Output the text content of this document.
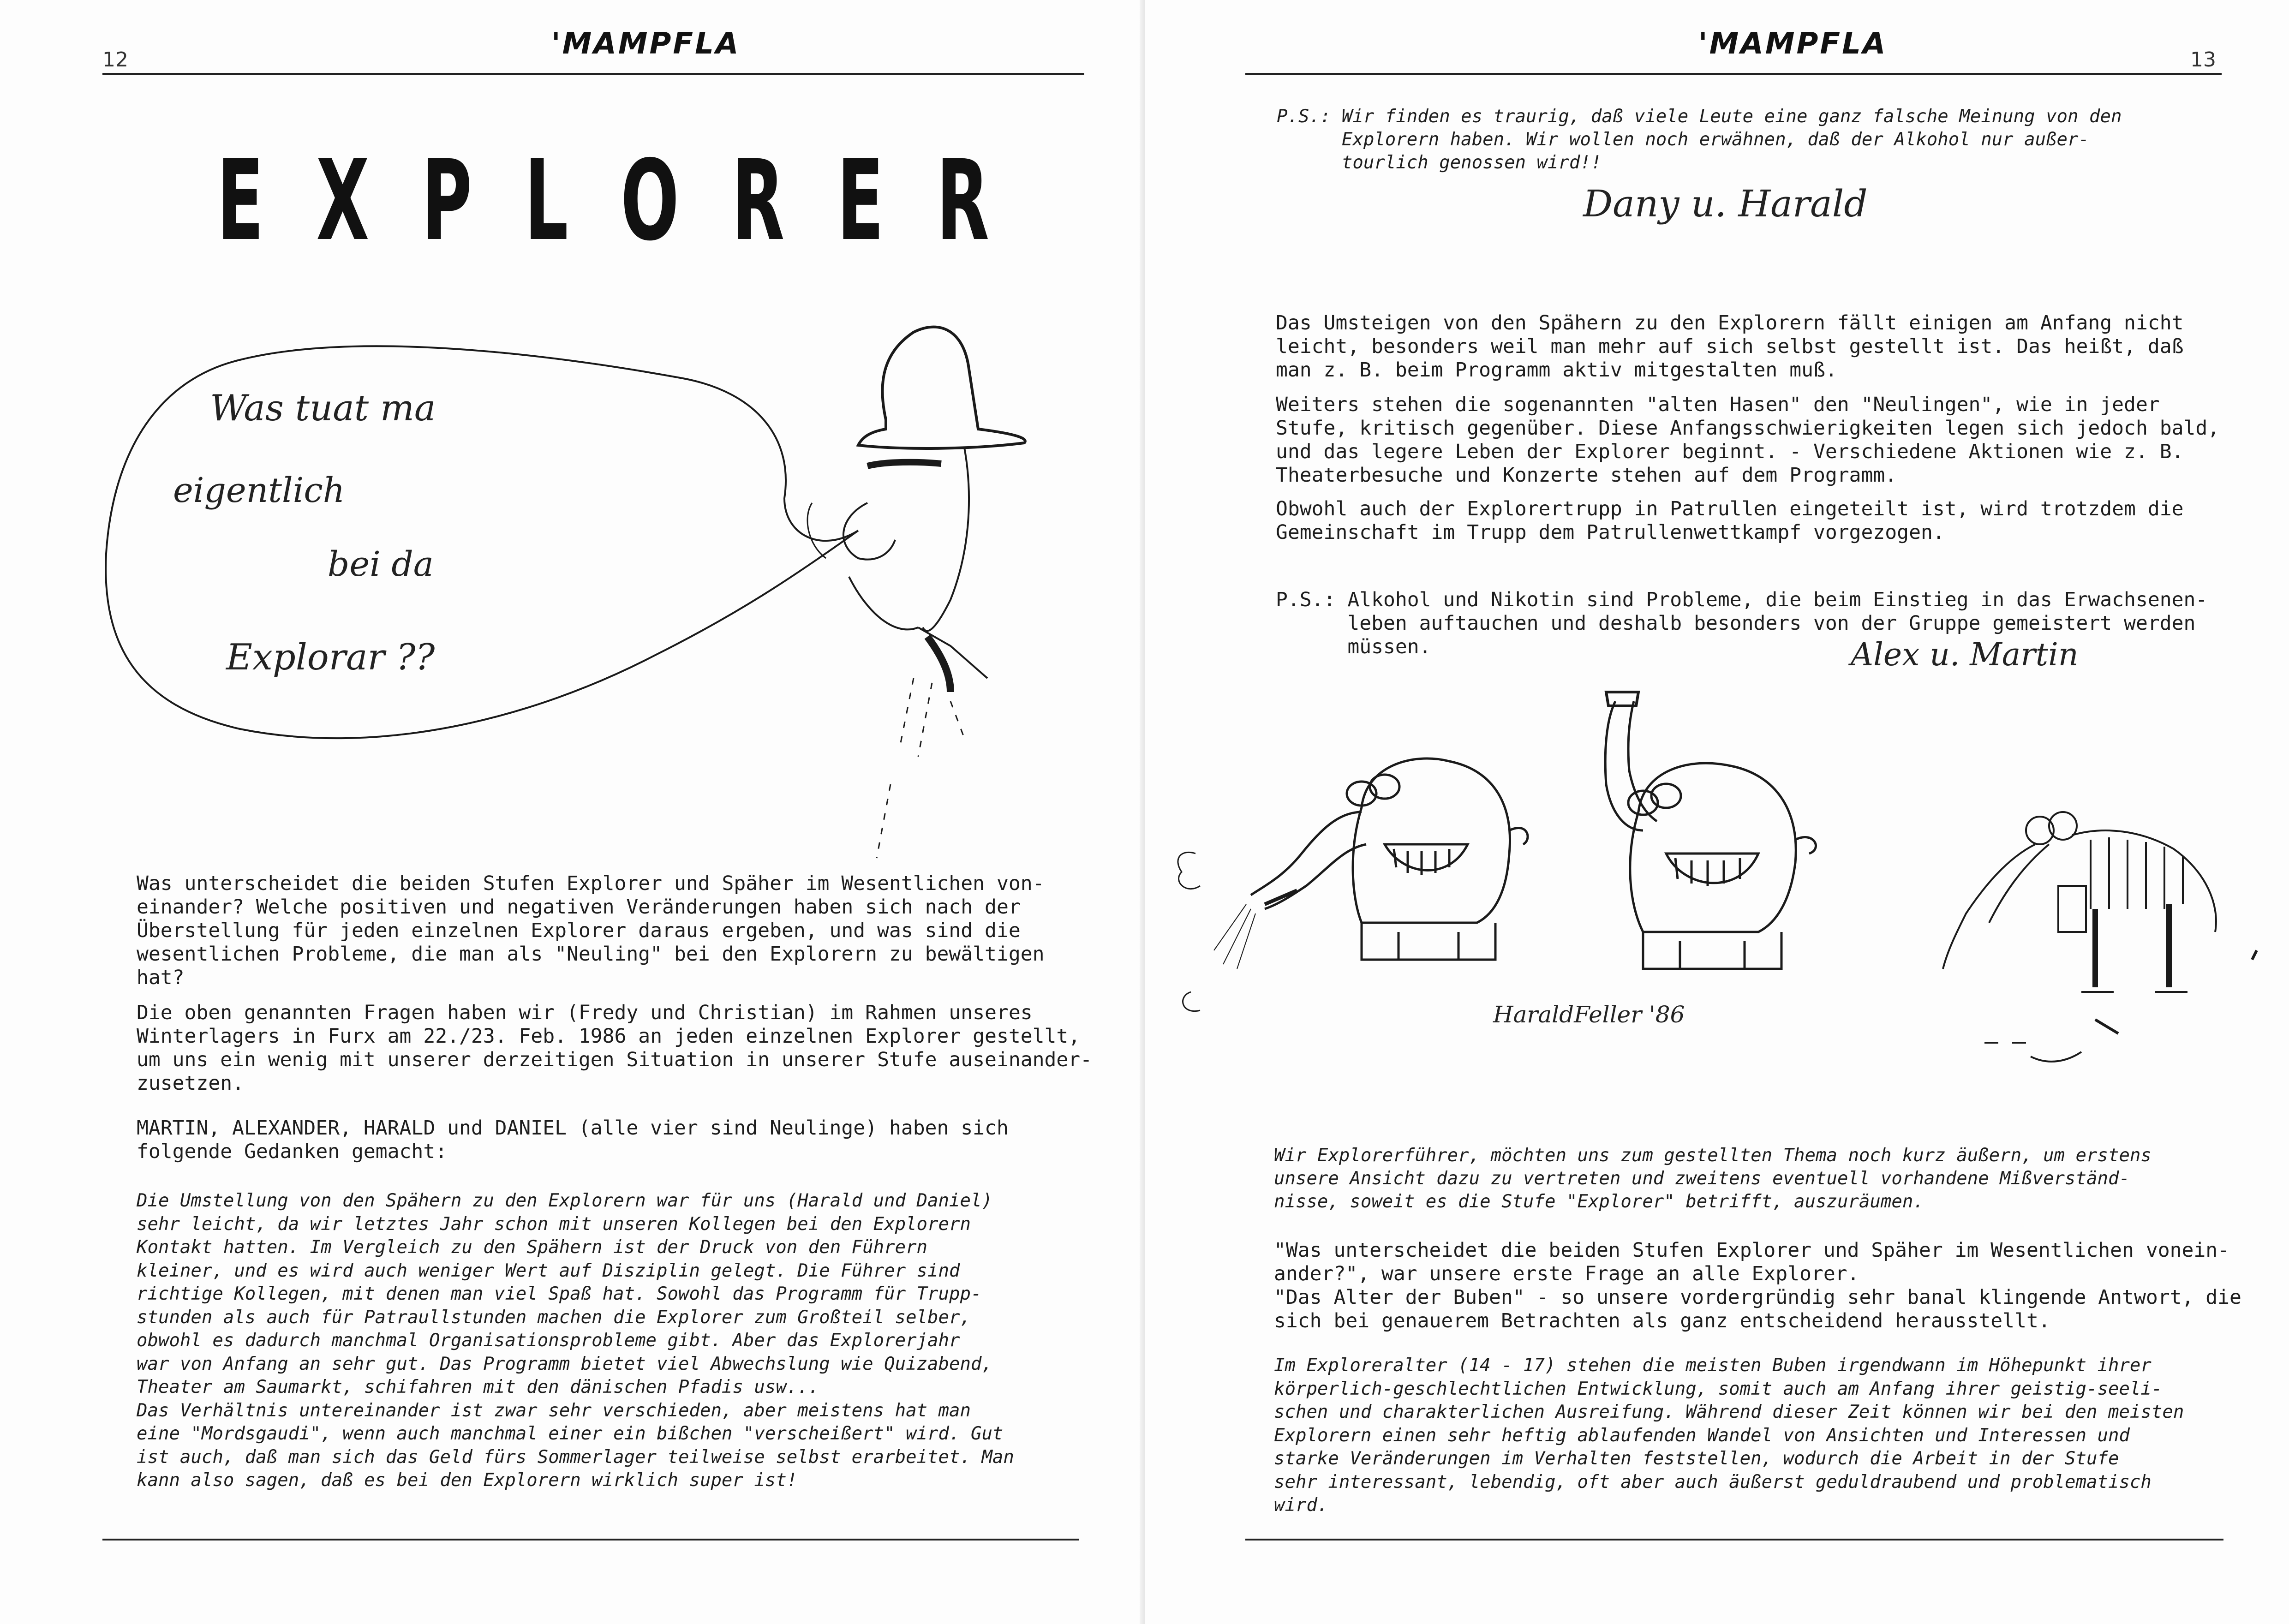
'MAMPFLA
12
E X P L O R E R
Was tuat ma
eigentlich
bei da
Explorar ??
Was unterscheidet die beiden Stufen Explorer und Späher im Wesentlichen von-
einander? Welche positiven und negativen Veränderungen haben sich nach der
Überstellung für jeden einzelnen Explorer daraus ergeben, und was sind die
wesentlichen Probleme, die man als "Neuling" bei den Explorern zu bewältigen
hat?
Die oben genannten Fragen haben wir (Fredy und Christian) im Rahmen unseres
Winterlagers in Furx am 22./23. Feb. 1986 an jeden einzelnen Explorer gestellt,
um uns ein wenig mit unserer derzeitigen Situation in unserer Stufe auseinander-
zusetzen.
MARTIN, ALEXANDER, HARALD und DANIEL (alle vier sind Neulinge) haben sich
folgende Gedanken gemacht:
Die Umstellung von den Spähern zu den Explorern war für uns (Harald und Daniel)
sehr leicht, da wir letztes Jahr schon mit unseren Kollegen bei den Explorern
Kontakt hatten. Im Vergleich zu den Spähern ist der Druck von den Führern
kleiner, und es wird auch weniger Wert auf Disziplin gelegt. Die Führer sind
richtige Kollegen, mit denen man viel Spaß hat. Sowohl das Programm für Trupp-
stunden als auch für Patraullstunden machen die Explorer zum Großteil selber,
obwohl es dadurch manchmal Organisationsprobleme gibt. Aber das Explorerjahr
war von Anfang an sehr gut. Das Programm bietet viel Abwechslung wie Quizabend,
Theater am Saumarkt, schifahren mit den dänischen Pfadis usw...
Das Verhältnis untereinander ist zwar sehr verschieden, aber meistens hat man
eine "Mordsgaudi", wenn auch manchmal einer ein bißchen "verscheißert" wird. Gut
ist auch, daß man sich das Geld fürs Sommerlager teilweise selbst erarbeitet. Man
kann also sagen, daß es bei den Explorern wirklich super ist!
'MAMPFLA	13
P.S.: Wir finden es traurig, daß viele Leute eine ganz falsche Meinung von den
Explorern haben. Wir wollen noch erwähnen, daß der Alkohol nur außer-
tourlich genossen wird!!
Dany u. Harald
Das Umsteigen von den Spähern zu den Explorern fällt einigen am Anfang nicht
leicht, besonders weil man mehr auf sich selbst gestellt ist. Das heißt, daß
man z. B. beim Programm aktiv mitgestalten muß.
Weiters stehen die sogenannten "alten Hasen" den "Neulingen", wie in jeder
Stufe, kritisch gegenüber. Diese Anfangsschwierigkeiten legen sich jedoch bald,
und das legere Leben der Explorer beginnt. - Verschiedene Aktionen wie z. B.
Theaterbesuche und Konzerte stehen auf dem Programm.
Obwohl auch der Explorertrupp in Patrullen eingeteilt ist, wird trotzdem die
Gemeinschaft im Trupp dem Patrullenwettkampf vorgezogen.
P.S.: Alkohol und Nikotin sind Probleme, die beim Einstieg in das Erwachsenen-
leben auftauchen und deshalb besonders von der Gruppe gemeistert werden
müssen.	Alex u. Martin
HaraldFeller '86
Wir Explorerführer, möchten uns zum gestellten Thema noch kurz äußern, um erstens
unsere Ansicht dazu zu vertreten und zweitens eventuell vorhandene Mißverständ-
nisse, soweit es die Stufe "Explorer" betrifft, auszuräumen.
"Was unterscheidet die beiden Stufen Explorer und Späher im Wesentlichen vonein-
ander?", war unsere erste Frage an alle Explorer.
"Das Alter der Buben" - so unsere vordergründig sehr banal klingende Antwort, die
sich bei genauerem Betrachten als ganz entscheidend herausstellt.
Im Exploreralter (14 - 17) stehen die meisten Buben irgendwann im Höhepunkt ihrer
körperlich-geschlechtlichen Entwicklung, somit auch am Anfang ihrer geistig-seeli-
schen und charakterlichen Ausreifung. Während dieser Zeit können wir bei den meisten
Explorern einen sehr heftig ablaufenden Wandel von Ansichten und Interessen und
starke Veränderungen im Verhalten feststellen, wodurch die Arbeit in der Stufe
sehr interessant, lebendig, oft aber auch äußerst geduldraubend und problematisch
wird.
